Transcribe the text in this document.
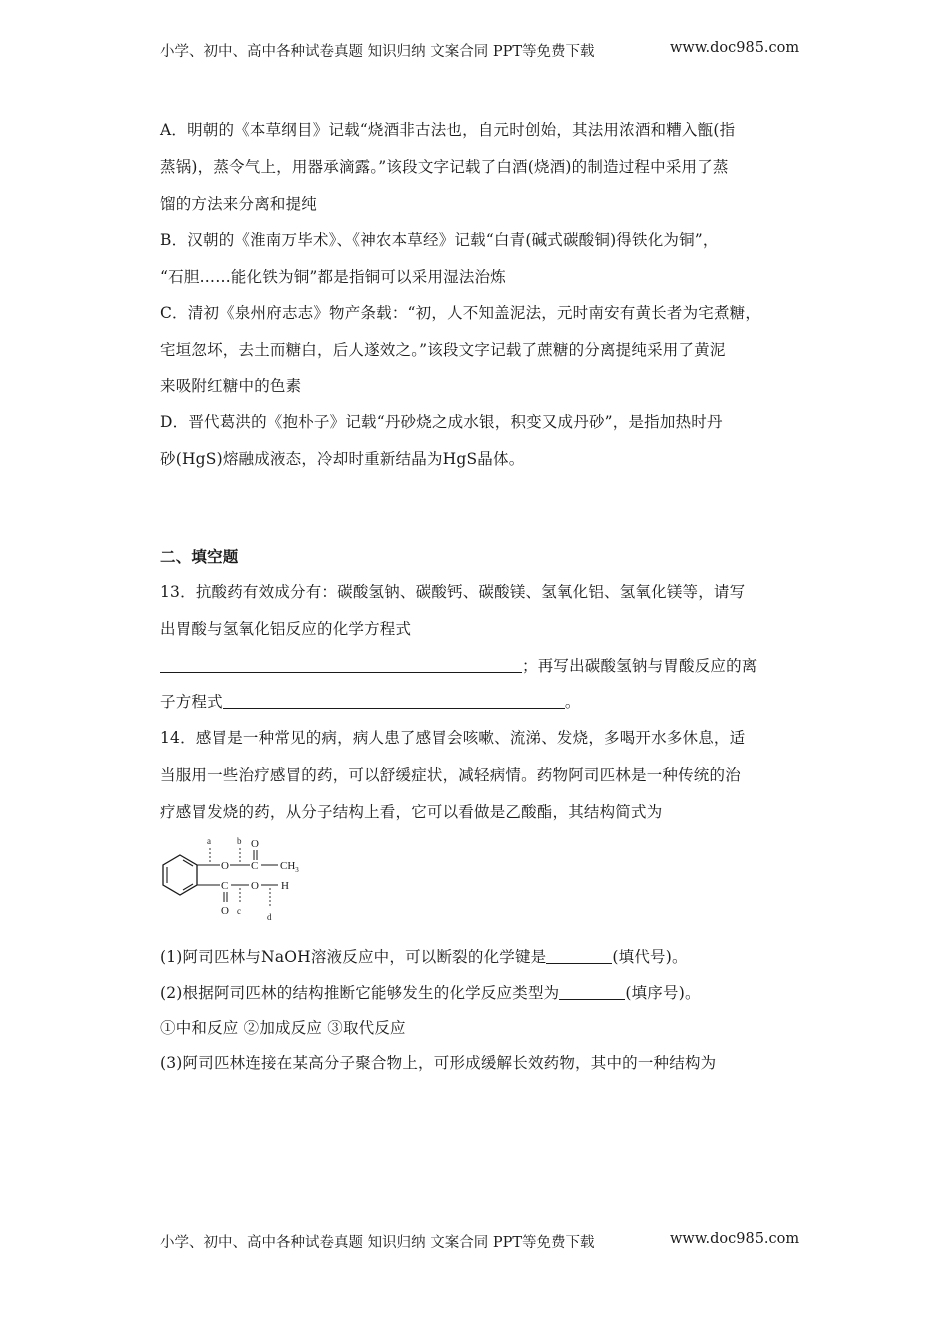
小学、初中、高中各种试卷真题 知识归纳 文案合同 PPT等免费下载	www.doc985.com
A．明朝的《本草纲目》记载“烧酒非古法也，自元时创始，其法用浓酒和糟入甑(指
蒸锅)，蒸令气上，用器承滴露。”该段文字记载了白酒(烧酒)的制造过程中采用了蒸
馏的方法来分离和提纯
B．汉朝的《淮南万毕术》、《神农本草经》记载“白青(碱式碳酸铜)得铁化为铜”，
“石胆……能化铁为铜”都是指铜可以采用湿法治炼
C．清初《泉州府志志》物产条载：“初，人不知盖泥法，元时南安有黄长者为宅煮糖，
宅垣忽坏，去土而糖白，后人遂效之。”该段文字记载了蔗糖的分离提纯采用了黄泥
来吸附红糖中的色素
D．晋代葛洪的《抱朴子》记载“丹砂烧之成水银，积变又成丹砂”，是指加热时丹
砂(HgS)熔融成液态，冷却时重新结晶为HgS晶体。
二、填空题
13．抗酸药有效成分有：碳酸氢钠、碳酸钙、碳酸镁、氢氧化铝、氢氧化镁等，请写
出胃酸与氢氧化铝反应的化学方程式
；再写出碳酸氢钠与胃酸反应的离
子方程式	。
14．感冒是一种常见的病，病人患了感冒会咳嗽、流涕、发烧，多喝开水多休息，适
当服用一些治疗感冒的药，可以舒缓症状，减轻病情。药物阿司匹林是一种传统的治
疗感冒发烧的药，从分子结构上看，它可以看做是乙酸酯，其结构简式为
(1)阿司匹林与NaOH溶液反应中，可以断裂的化学键是	(填代号)。
(2)根据阿司匹林的结构推断它能够发生的化学反应类型为	(填序号)。
①中和反应 ②加成反应 ③取代反应
(3)阿司匹林连接在某高分子聚合物上，可形成缓解长效药物，其中的一种结构为
O C
O
$CH_3$
a	b
C
O
O H
c
d
小学、初中、高中各种试卷真题 知识归纳 文案合同 PPT等免费下载	www.doc985.com
